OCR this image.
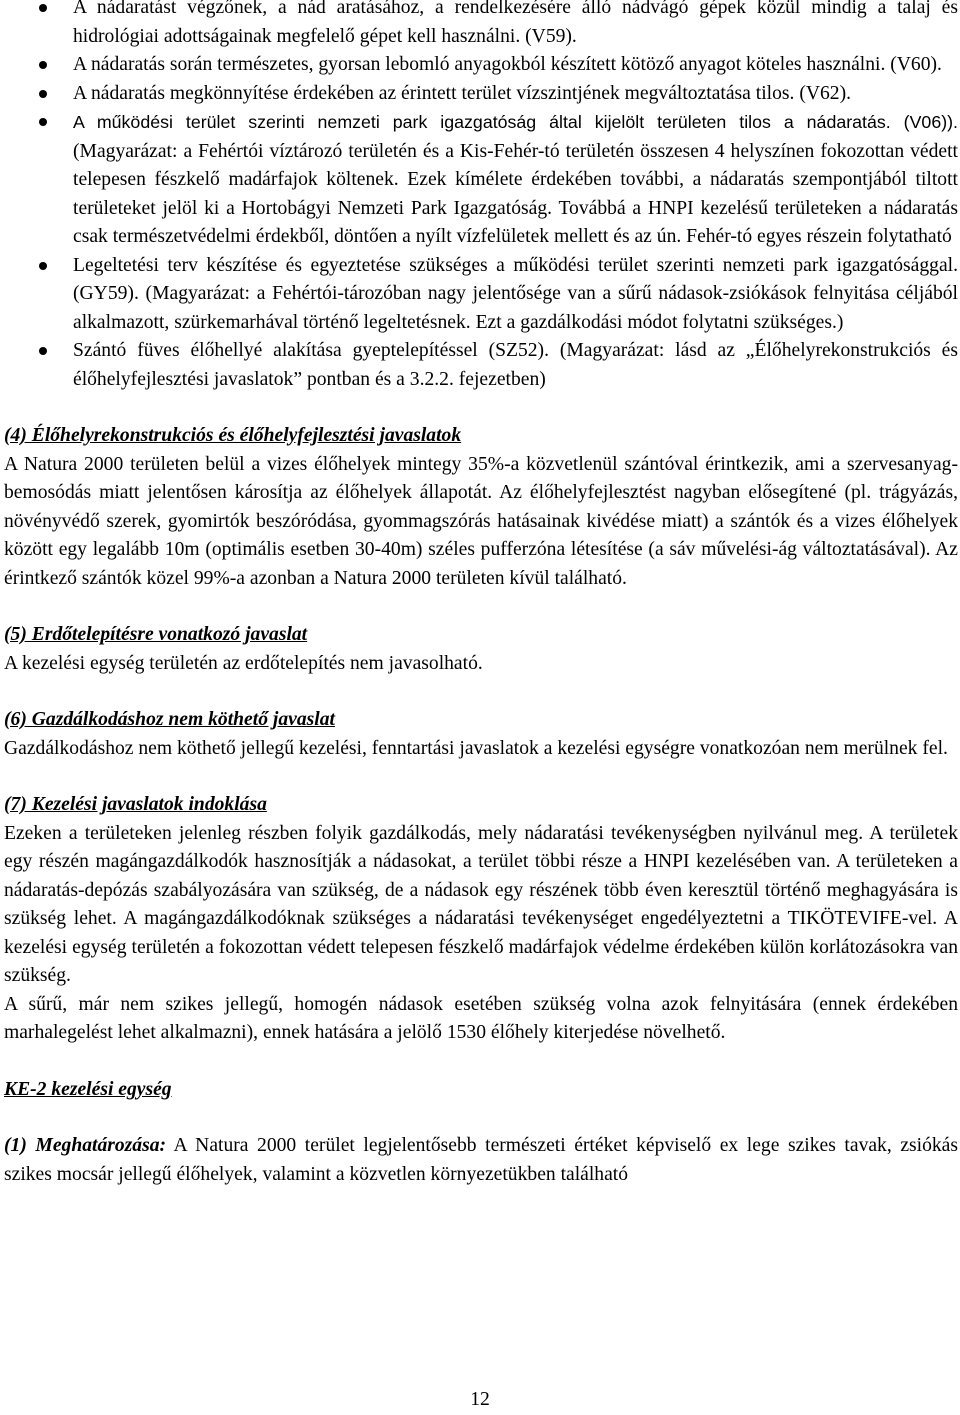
A nádaratást végzőnek, a nád aratásához, a rendelkezésére álló nádvágó gépek közül mindig a talaj és hidrológiai adottságainak megfelelő gépet kell használni. (V59).
A nádaratás során természetes, gyorsan lebomló anyagokból készített kötöző anyagot köteles használni. (V60).
A nádaratás megkönnyítése érdekében az érintett terület vízszintjének megváltoztatása tilos. (V62).
A működési terület szerinti nemzeti park igazgatóság által kijelölt területen tilos a nádaratás. (V06)). (Magyarázat: a Fehértói víztározó területén és a Kis-Fehér-tó területén összesen 4 helyszínen fokozottan védett telepesen fészkelő madárfajok költenek. Ezek kímélete érdekében további, a nádaratás szempontjából tiltott területeket jelöl ki a Hortobágyi Nemzeti Park Igazgatóság. Továbbá a HNPI kezelésű területeken a nádaratás csak természetvédelmi érdekből, döntően a nyílt vízfelületek mellett és az ún. Fehér-tó egyes részein folytatható
Legeltetési terv készítése és egyeztetése szükséges a működési terület szerinti nemzeti park igazgatósággal. (GY59). (Magyarázat: a Fehértói-tározóban nagy jelentősége van a sűrű nádasok-zsiókások felnyitása céljából alkalmazott, szürkemarhával történő legeltetésnek. Ezt a gazdálkodási módot folytatni szükséges.)
Szántó füves élőhellyé alakítása gyeptelepítéssel (SZ52). (Magyarázat: lásd az „Élőhelyrekonstrukciós és élőhelyfejlesztési javaslatok” pontban és a 3.2.2. fejezetben)

(4) Élőhelyrekonstrukciós és élőhelyfejlesztési javaslatok

A Natura 2000 területen belül a vizes élőhelyek mintegy 35%-a közvetlenül szántóval érintkezik, ami a szervesanyag-bemosódás miatt jelentősen károsítja az élőhelyek állapotát. Az élőhelyfejlesztést nagyban elősegítené (pl. trágyázás, növényvédő szerek, gyomirtók beszóródása, gyommagszórás hatásainak kivédése miatt) a szántók és a vizes élőhelyek között egy legalább 10m (optimális esetben 30-40m) széles pufferzóna létesítése (a sáv művelési-ág változtatásával). Az érintkező szántók közel 99%-a azonban a Natura 2000 területen kívül található.

(5) Erdőtelepítésre vonatkozó javaslat

A kezelési egység területén az erdőtelepítés nem javasolható.

(6) Gazdálkodáshoz nem köthető javaslat

Gazdálkodáshoz nem köthető jellegű kezelési, fenntartási javaslatok a kezelési egységre vonatkozóan nem merülnek fel.

(7) Kezelési javaslatok indoklása

Ezeken a területeken jelenleg részben folyik gazdálkodás, mely nádaratási tevékenységben nyilvánul meg. A területek egy részén magángazdálkodók hasznosítják a nádasokat, a terület többi része a HNPI kezelésében van. A területeken a nádaratás-depózás szabályozására van szükség, de a nádasok egy részének több éven keresztül történő meghagyására is szükség lehet. A magángazdálkodóknak szükséges a nádaratási tevékenységet engedélyeztetni a TIKÖTEVIFE-vel. A kezelési egység területén a fokozottan védett telepesen fészkelő madárfajok védelme érdekében külön korlátozásokra van szükség.

A sűrű, már nem szikes jellegű, homogén nádasok esetében szükség volna azok felnyitására (ennek érdekében marhalegelést lehet alkalmazni), ennek hatására a jelölő 1530 élőhely kiterjedése növelhető.

KE-2 kezelési egység

(1) Meghatározása: A Natura 2000 terület legjelentősebb természeti értéket képviselő ex lege szikes tavak, zsiókás szikes mocsár jellegű élőhelyek, valamint a közvetlen környezetükben található

12
